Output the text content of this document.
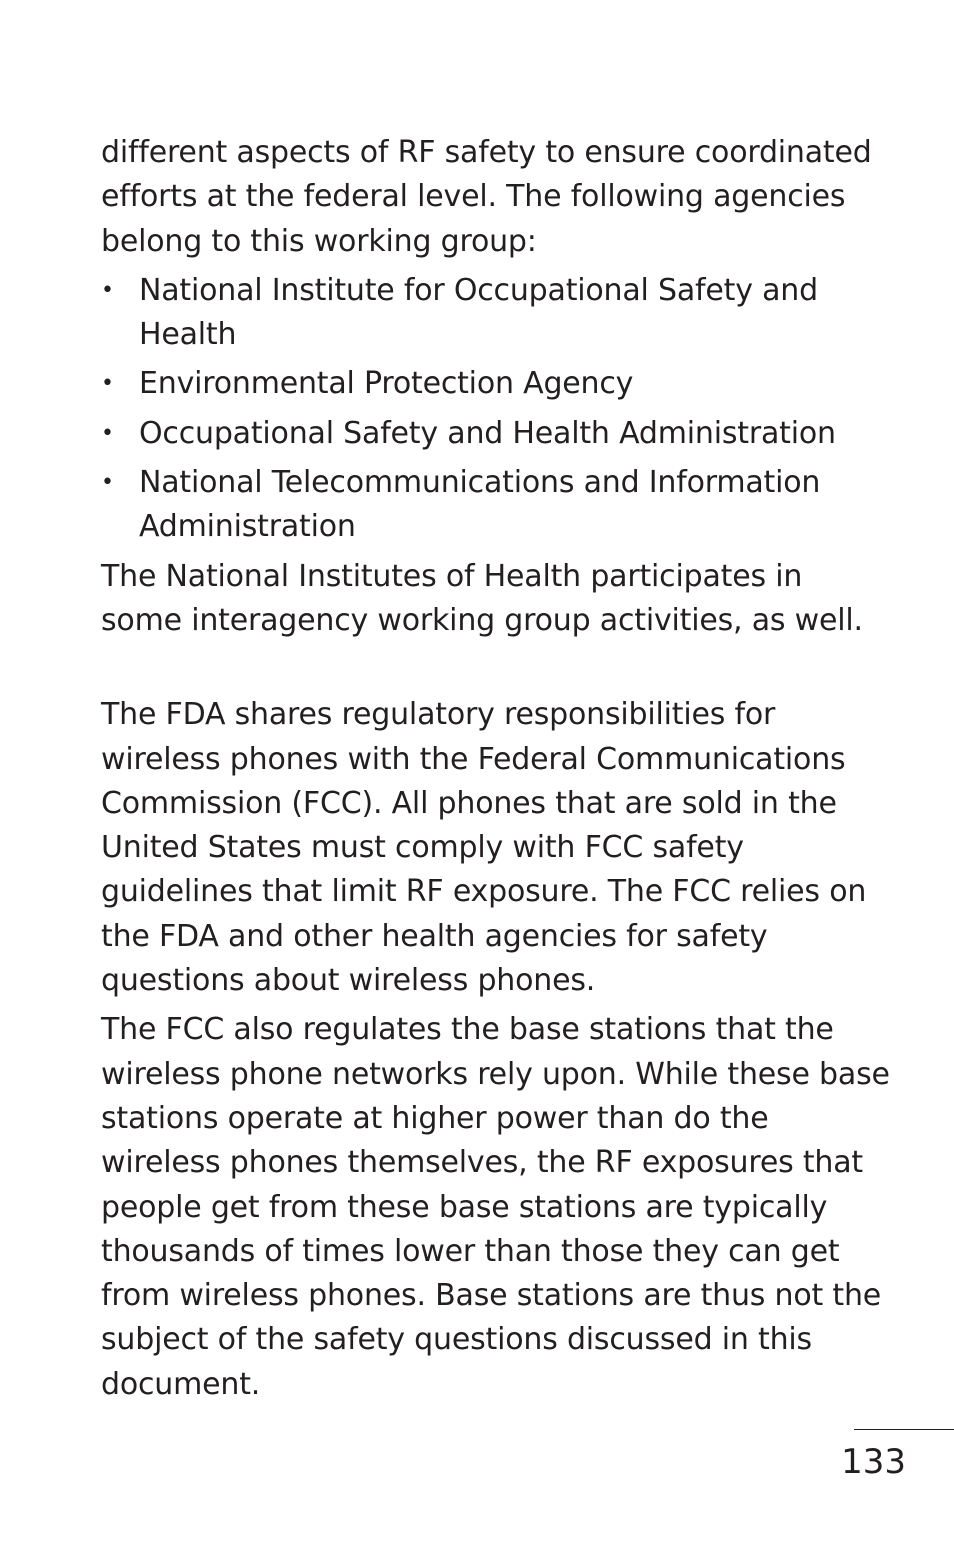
different aspects of RF safety to ensure coordinated efforts at the federal level. The following agencies belong to this working group:

• National Institute for Occupational Safety and Health
• Environmental Protection Agency
• Occupational Safety and Health Administration
• National Telecommunications and Information Administration

The National Institutes of Health participates in some interagency working group activities, as well.

The FDA shares regulatory responsibilities for wireless phones with the Federal Communications Commission (FCC). All phones that are sold in the United States must comply with FCC safety guidelines that limit RF exposure. The FCC relies on the FDA and other health agencies for safety questions about wireless phones.

The FCC also regulates the base stations that the wireless phone networks rely upon. While these base stations operate at higher power than do the wireless phones themselves, the RF exposures that people get from these base stations are typically thousands of times lower than those they can get from wireless phones. Base stations are thus not the subject of the safety questions discussed in this document.

133
